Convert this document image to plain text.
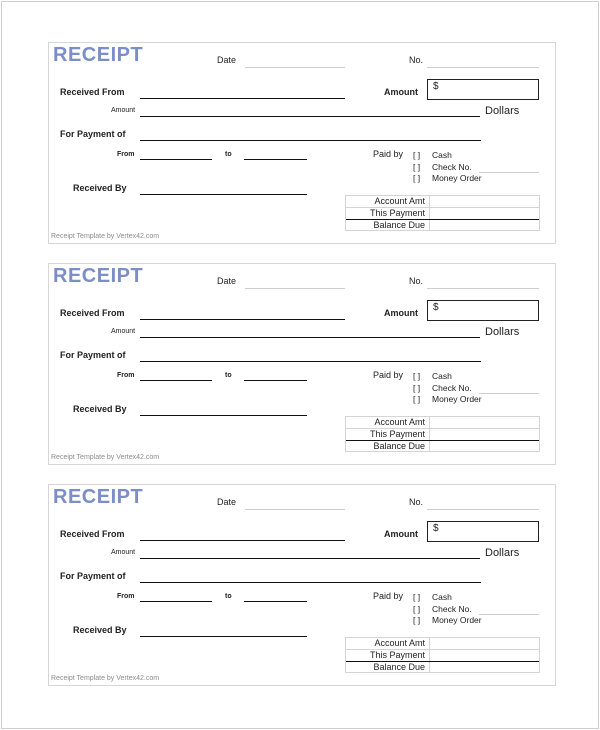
RECEIPT	Date	No.
Received From	Amount $
Amount	Dollars
For Payment of
From	to	Paid by [ ] Cash
[ ] Check No.
[ ] Money Order
Received By
Account Amt
This Payment
Balance Due
Receipt Template by Vertex42.com
RECEIPT	Date	No.
Received From	Amount $
Amount	Dollars
For Payment of
From	to	Paid by [ ] Cash
[ ] Check No.
[ ] Money Order
Received By
Account Amt
This Payment
Balance Due
Receipt Template by Vertex42.com
RECEIPT	Date	No.
Received From	Amount $
Amount	Dollars
For Payment of
From	to	Paid by [ ] Cash
[ ] Check No.
[ ] Money Order
Received By
Account Amt
This Payment
Balance Due
Receipt Template by Vertex42.com
